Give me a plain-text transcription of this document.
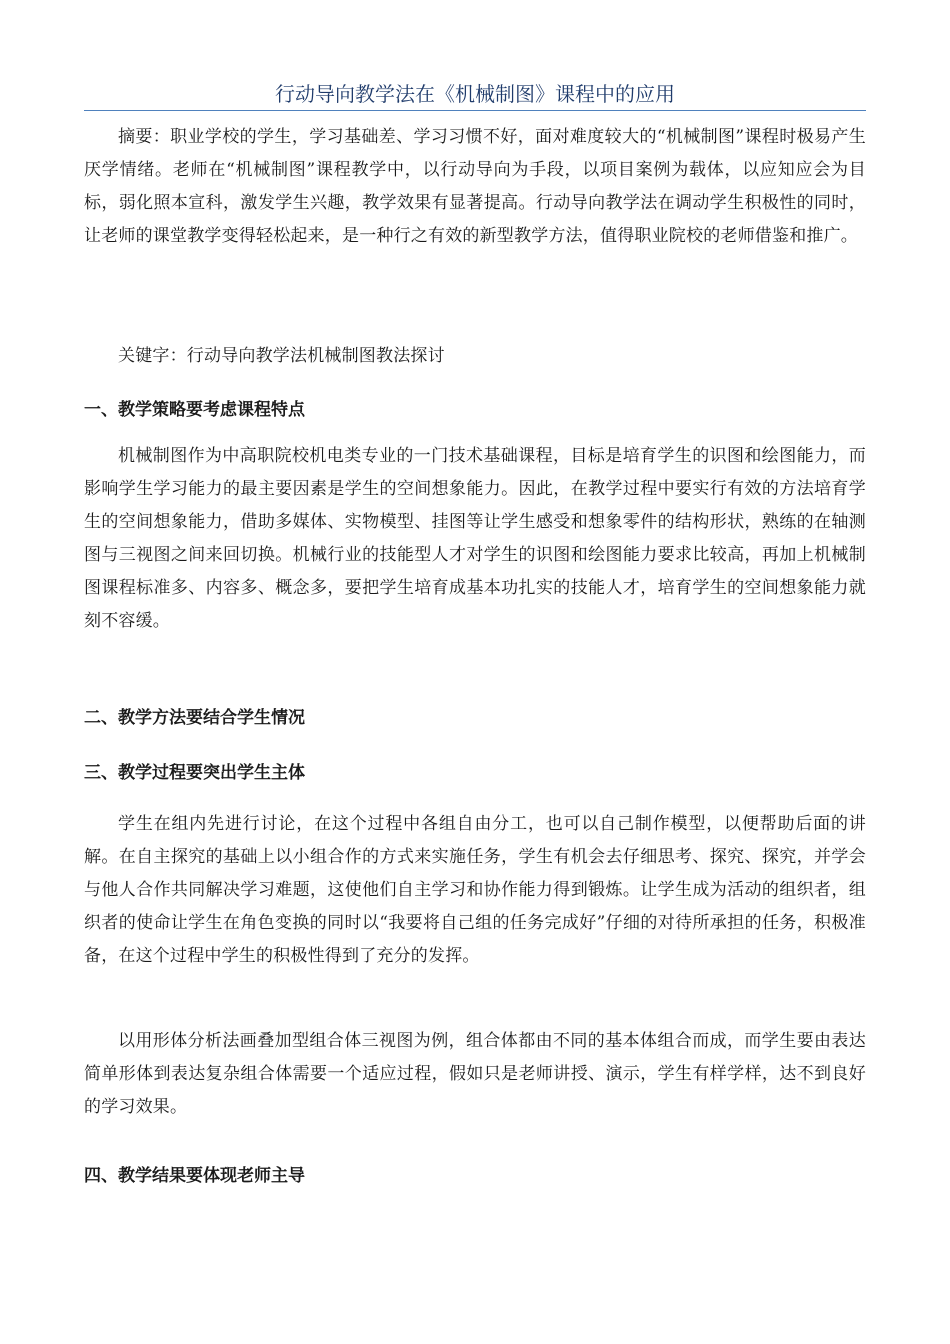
行动导向教学法在《机械制图》课程中的应用

摘要：职业学校的学生，学习基础差、学习习惯不好，面对难度较大的“机械制图”课程时极易产生厌学情绪。老师在“机械制图”课程教学中，以行动导向为手段，以项目案例为载体，以应知应会为目标，弱化照本宣科，激发学生兴趣，教学效果有显著提高。行动导向教学法在调动学生积极性的同时，让老师的课堂教学变得轻松起来，是一种行之有效的新型教学方法，值得职业院校的老师借鉴和推广。

关键字：行动导向教学法机械制图教法探讨

一、教学策略要考虑课程特点

机械制图作为中高职院校机电类专业的一门技术基础课程，目标是培育学生的识图和绘图能力，而影响学生学习能力的最主要因素是学生的空间想象能力。因此，在教学过程中要实行有效的方法培育学生的空间想象能力，借助多媒体、实物模型、挂图等让学生感受和想象零件的结构形状，熟练的在轴测图与三视图之间来回切换。机械行业的技能型人才对学生的识图和绘图能力要求比较高，再加上机械制图课程标准多、内容多、概念多，要把学生培育成基本功扎实的技能人才，培育学生的空间想象能力就刻不容缓。

二、教学方法要结合学生情况
三、教学过程要突出学生主体

学生在组内先进行讨论，在这个过程中各组自由分工，也可以自己制作模型，以便帮助后面的讲解。在自主探究的基础上以小组合作的方式来实施任务，学生有机会去仔细思考、探究、探究，并学会与他人合作共同解决学习难题，这使他们自主学习和协作能力得到锻炼。让学生成为活动的组织者，组织者的使命让学生在角色变换的同时以“我要将自己组的任务完成好”仔细的对待所承担的任务，积极准备，在这个过程中学生的积极性得到了充分的发挥。

以用形体分析法画叠加型组合体三视图为例，组合体都由不同的基本体组合而成，而学生要由表达简单形体到表达复杂组合体需要一个适应过程，假如只是老师讲授、演示，学生有样学样，达不到良好的学习效果。

四、教学结果要体现老师主导
